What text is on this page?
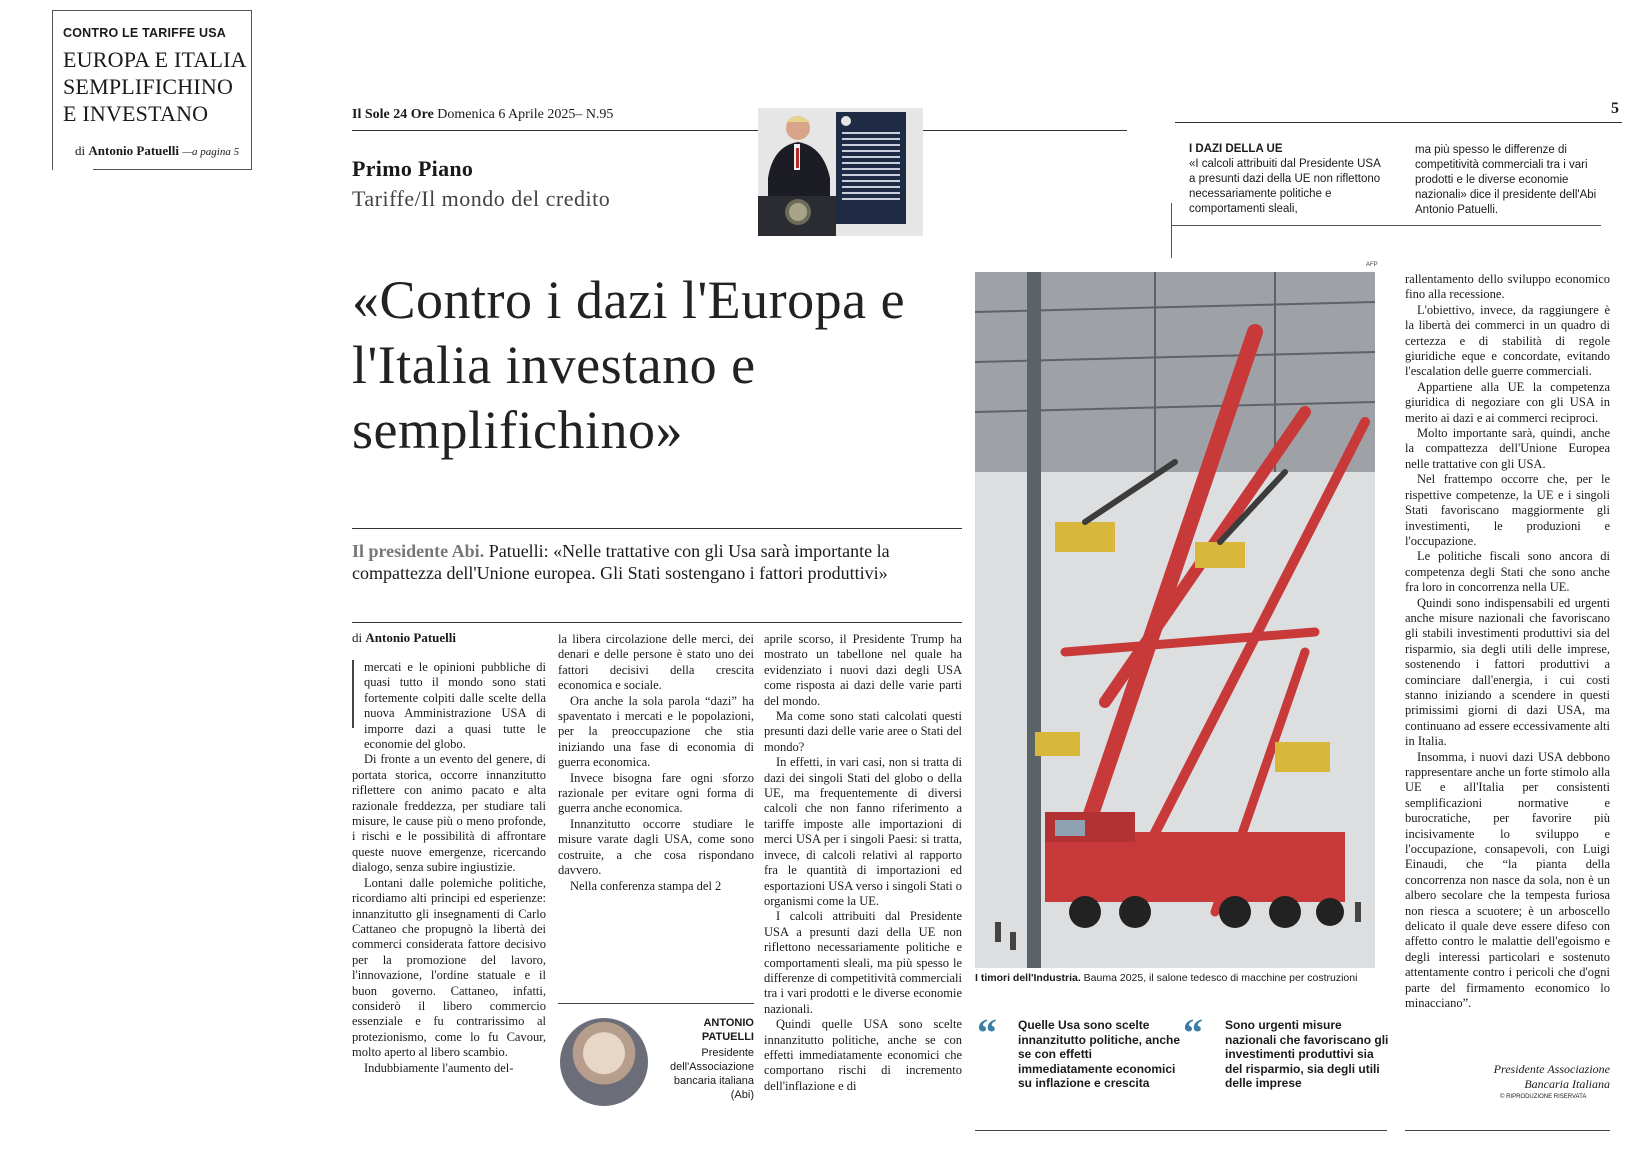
CONTRO LE TARIFFE USA
EUROPA E ITALIA SEMPLIFICHINO E INVESTANO
di Antonio Patuelli —a pagina 5
Il Sole 24 Ore Domenica 6 Aprile 2025– N.95	5
Primo Piano
Tariffe/Il mondo del credito
I DAZI DELLA UE
«I calcoli attribuiti dal Presidente USA a presunti dazi della UE non riflettono necessariamente politiche e comportamenti sleali,
ma più spesso le differenze di competitività commerciali tra i vari prodotti e le diverse economie nazionali» dice il presidente dell'Abi Antonio Patuelli.
«Contro i dazi l'Europa e l'Italia investano e semplifichino»
Il presidente Abi. Patuelli: «Nelle trattative con gli Usa sarà importante la compattezza dell'Unione europea. Gli Stati sostengano i fattori produttivi»
di Antonio Patuelli

mercati e le opinioni pubbliche di quasi tutto il mondo sono stati fortemente colpiti dalle scelte della nuova Amministrazione USA di imporre dazi a quasi tutte le economie del globo.

Di fronte a un evento del genere, di portata storica, occorre innanzitutto riflettere con animo pacato e alta razionale freddezza, per studiare tali misure, le cause più o meno profonde, i rischi e le possibilità di affrontare queste nuove emergenze, ricercando dialogo, senza subire ingiustizie.

Lontani dalle polemiche politiche, ricordiamo alti principi ed esperienze: innanzitutto gli insegnamenti di Carlo Cattaneo che propugnò la libertà dei commerci considerata fattore decisivo per la promozione del lavoro, l'innovazione, l'ordine statuale e il buon governo. Cattaneo, infatti, considerò il libero commercio essenziale e fu contrarissimo al protezionismo, come lo fu Cavour, molto aperto al libero scambio.

Indubbiamente l'aumento del-

la libera circolazione delle merci, dei denari e delle persone è stato uno dei fattori decisivi della crescita economica e sociale.

Ora anche la sola parola “dazi” ha spaventato i mercati e le popolazioni, per la preoccupazione che stia iniziando una fase di economia di guerra economica.

Invece bisogna fare ogni sforzo razionale per evitare ogni forma di guerra anche economica.

Innanzitutto occorre studiare le misure varate dagli USA, come sono costruite, a che cosa rispondano davvero.

Nella conferenza stampa del 2

aprile scorso, il Presidente Trump ha mostrato un tabellone nel quale ha evidenziato i nuovi dazi degli USA come risposta ai dazi delle varie parti del mondo.

Ma come sono stati calcolati questi presunti dazi delle varie aree o Stati del mondo?

In effetti, in vari casi, non si tratta di dazi dei singoli Stati del globo o della UE, ma frequentemente di diversi calcoli che non fanno riferimento a tariffe imposte alle importazioni di merci USA per i singoli Paesi: si tratta, invece, di calcoli relativi al rapporto fra le quantità di importazioni ed esportazioni USA verso i singoli Stati o organismi come la UE.

I calcoli attribuiti dal Presidente USA a presunti dazi della UE non riflettono necessariamente politiche e comportamenti sleali, ma più spesso le differenze di competitività commerciali tra i vari prodotti e le diverse economie nazionali.

Quindi quelle USA sono scelte innanzitutto politiche, anche se con effetti immediatamente economici che comportano rischi di incremento dell'inflazione e di

ANTONIO
PATUELLI
Presidente dell'Associazione bancaria italiana (Abi)
AFP
I timori dell'Industria. Bauma 2025, il salone tedesco di macchine per costruzioni
“ Quelle Usa sono scelte innanzitutto politiche, anche se con effetti immediatamente economici su inflazione e crescita
“ Sono urgenti misure nazionali che favoriscano gli investimenti produttivi sia del risparmio, sia degli utili delle imprese

rallentamento dello sviluppo economico fino alla recessione.

L'obiettivo, invece, da raggiungere è la libertà dei commerci in un quadro di certezza e di stabilità di regole giuridiche eque e concordate, evitando l'escalation delle guerre commerciali.

Appartiene alla UE la competenza giuridica di negoziare con gli USA in merito ai dazi e ai commerci reciproci.

Molto importante sarà, quindi, anche la compattezza dell'Unione Europea nelle trattative con gli USA.

Nel frattempo occorre che, per le rispettive competenze, la UE e i singoli Stati favoriscano maggiormente gli investimenti, le produzioni e l'occupazione.

Le politiche fiscali sono ancora di competenza degli Stati che sono anche fra loro in concorrenza nella UE.

Quindi sono indispensabili ed urgenti anche misure nazionali che favoriscano gli stabili investimenti produttivi sia del risparmio, sia degli utili delle imprese, sostenendo i fattori produttivi a cominciare dall'energia, i cui costi stanno iniziando a scendere in questi primissimi giorni di dazi USA, ma continuano ad essere eccessivamente alti in Italia.

Insomma, i nuovi dazi USA debbono rappresentare anche un forte stimolo alla UE e all'Italia per consistenti semplificazioni normative e burocratiche, per favorire più incisivamente lo sviluppo e l'occupazione, consapevoli, con Luigi Einaudi, che “la pianta della concorrenza non nasce da sola, non è un albero secolare che la tempesta furiosa non riesca a scuotere; è un arboscello delicato il quale deve essere difeso con affetto contro le malattie dell'egoismo e degli interessi particolari e sostenuto attentamente contro i pericoli che d'ogni parte del firmamento economico lo minacciano”.

Presidente Associazione
Bancaria Italiana
© RIPRODUZIONE RISERVATA
